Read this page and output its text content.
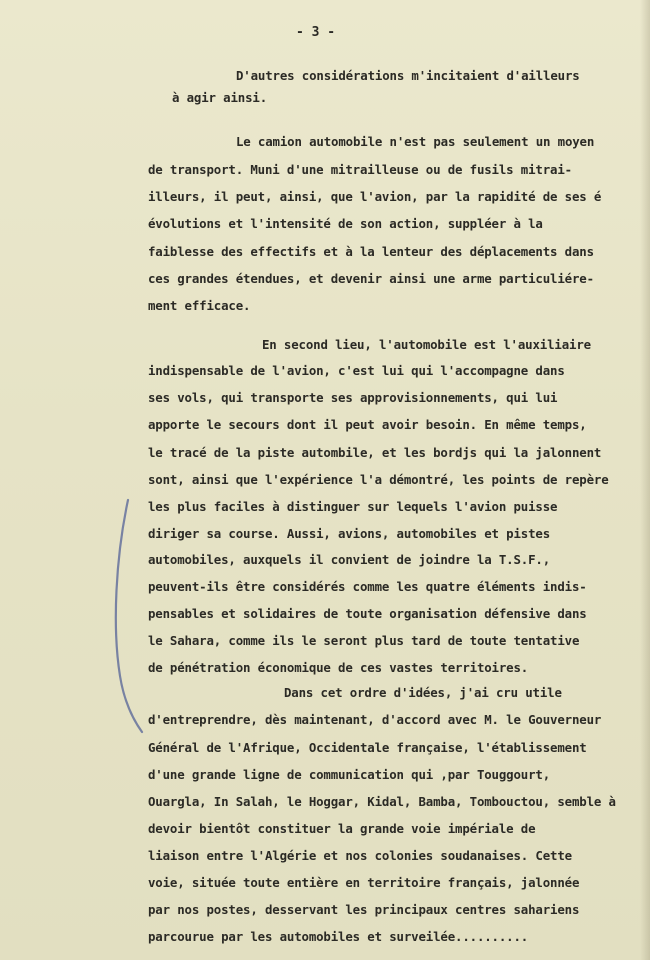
- 3 -

D'autres considérations m'incitaient d'ailleurs

à agir ainsi.

Le camion automobile n'est pas seulement un moyen

de transport. Muni d'une mitrailleuse ou de fusils mitrai-

illeurs, il peut, ainsi, que l'avion, par la rapidité de ses é

évolutions et l'intensité de son action, suppléer à la

faiblesse des effectifs et à la lenteur des déplacements dans

ces grandes étendues, et devenir ainsi une arme particuliére-

ment efficace.

En second lieu, l'automobile est l'auxiliaire

indispensable de l'avion, c'est lui qui l'accompagne dans

ses vols, qui transporte ses approvisionnements, qui lui

apporte le secours dont il peut avoir besoin. En même temps,

le tracé de la piste autombile, et les bordjs qui la jalonnent

sont, ainsi que l'expérience l'a démontré, les points de repère

les plus faciles à distinguer sur lequels l'avion puisse

diriger sa course. Aussi, avions, automobiles et pistes

automobiles, auxquels il convient de joindre la T.S.F.,

peuvent-ils être considérés comme les quatre éléments indis-

pensables et solidaires de toute organisation défensive dans

le Sahara, comme ils le seront plus tard de toute tentative

de pénétration économique de ces vastes territoires.

Dans cet ordre d'idées, j'ai cru utile

d'entreprendre, dès maintenant, d'accord avec M. le Gouverneur

Général de l'Afrique, Occidentale française, l'établissement

d'une grande ligne de communication qui ,par Touggourt,

Ouargla, In Salah, le Hoggar, Kidal, Bamba, Tombouctou, semble à

devoir bientôt constituer la grande voie impériale de

liaison entre l'Algérie et nos colonies soudanaises. Cette

voie, située toute entière en territoire français, jalonnée

par nos postes, desservant les principaux centres sahariens

parcourue par les automobiles et surveilée..........
